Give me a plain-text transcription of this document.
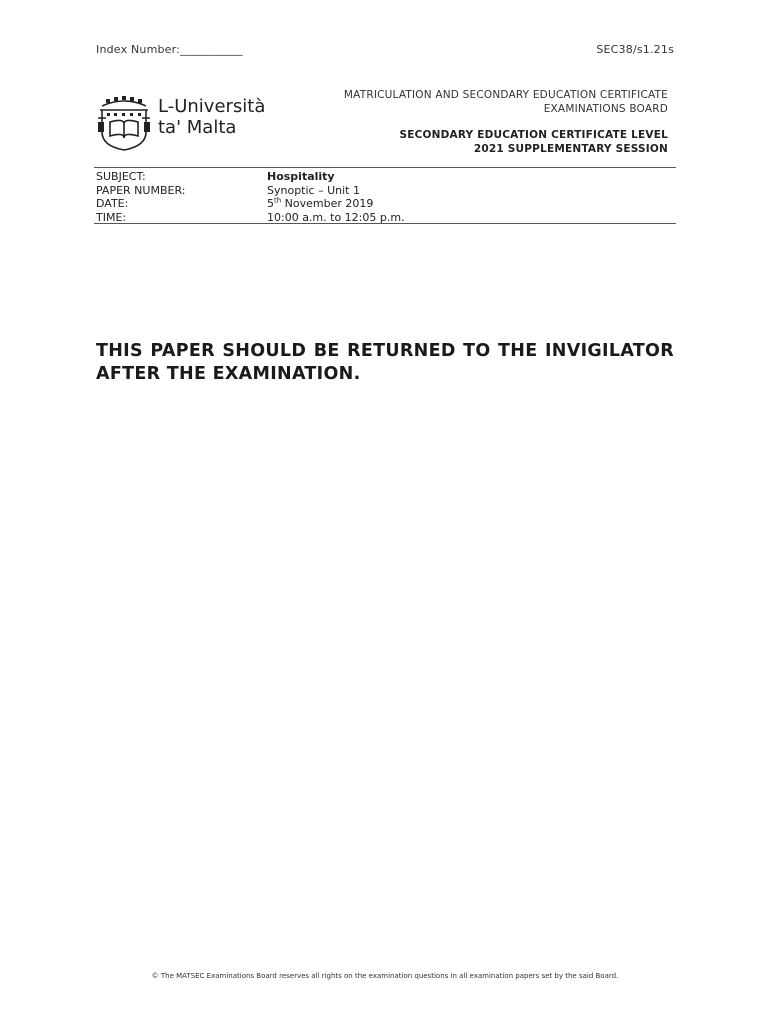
Index Number:___________	SEC38/s1.21s
L-Università
ta' Malta
MATRICULATION AND SECONDARY EDUCATION CERTIFICATE
EXAMINATIONS BOARD
SECONDARY EDUCATION CERTIFICATE LEVEL
2021 SUPPLEMENTARY SESSION
SUBJECT:	Hospitality
PAPER NUMBER:	Synoptic – Unit 1
DATE:	5th November 2019
TIME:	10:00 a.m. to 12:05 p.m.
THIS PAPER SHOULD BE RETURNED TO THE INVIGILATOR AFTER THE EXAMINATION.
© The MATSEC Examinations Board reserves all rights on the examination questions in all examination papers set by the said Board.
